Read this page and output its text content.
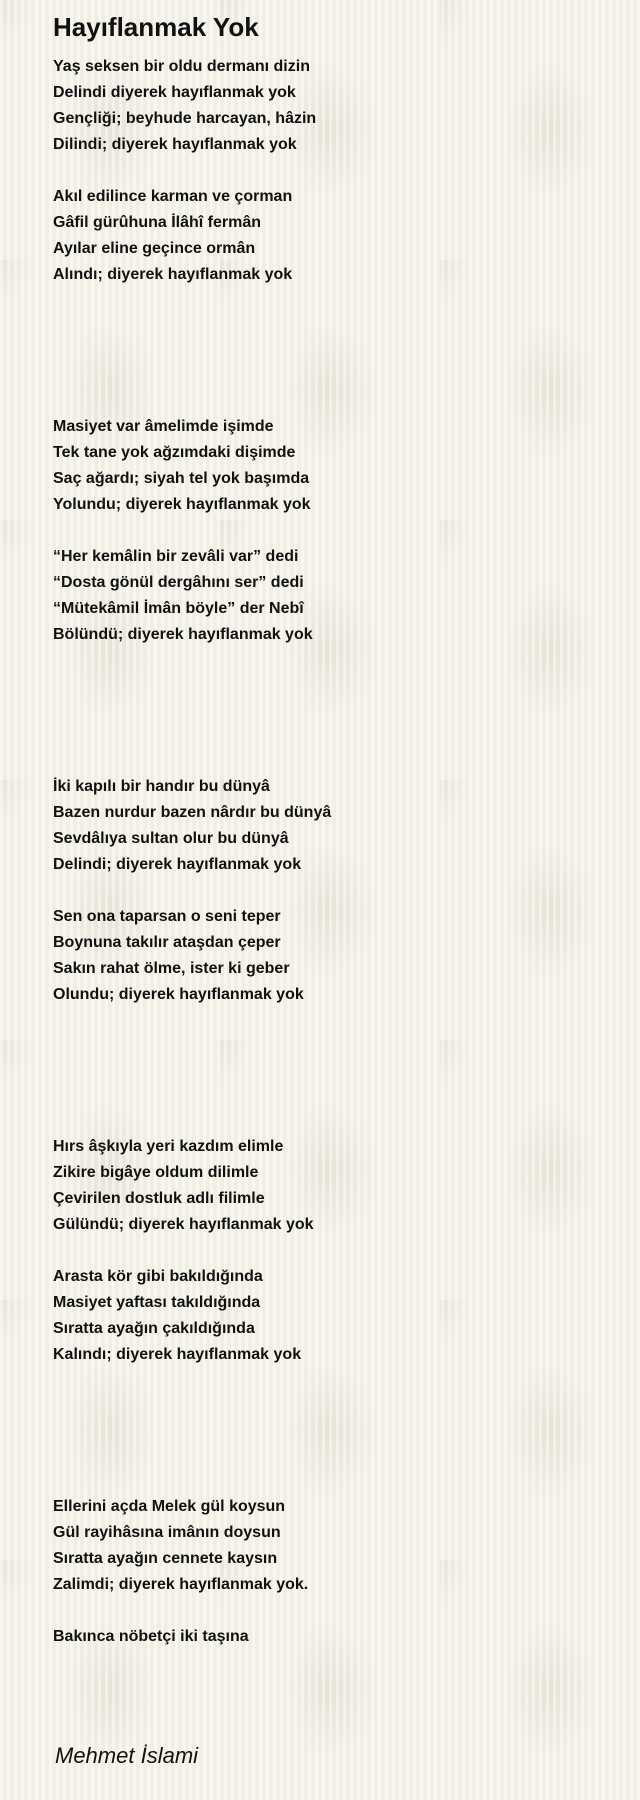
Hayıflanmak Yok
Yaş seksen bir oldu dermanı dizin
Delindi diyerek hayıflanmak yok
Gençliği; beyhude harcayan, hâzin
Dilindi; diyerek hayıflanmak yok
Akıl edilince karman ve çorman
Gâfil gürûhuna İlâhî fermân
Ayılar eline geçince ormân
Alındı; diyerek hayıflanmak yok
Masiyet var âmelimde işimde
Tek tane yok ağzımdaki dişimde
Saç ağardı; siyah tel yok başımda
Yolundu; diyerek hayıflanmak yok
“Her kemâlin bir zevâli var” dedi
“Dosta gönül dergâhını ser” dedi
“Mütekâmil İmân böyle” der Nebî
Bölündü; diyerek hayıflanmak yok
İki kapılı bir handır bu dünyâ
Bazen nurdur bazen nârdır bu dünyâ
Sevdâlıya sultan olur bu dünyâ
Delindi; diyerek hayıflanmak yok
Sen ona taparsan o seni teper
Boynuna takılır ataşdan çeper
Sakın rahat ölme, ister ki geber
Olundu; diyerek hayıflanmak yok
Hırs âşkıyla yeri kazdım elimle
Zikire bigâye oldum dilimle
Çevirilen dostluk adlı filimle
Gülündü; diyerek hayıflanmak yok
Arasta kör gibi bakıldığında
Masiyet yaftası takıldığında
Sıratta ayağın çakıldığında
Kalındı; diyerek hayıflanmak yok
Ellerini açda Melek gül koysun
Gül rayihâsına imânın doysun
Sıratta ayağın cennete kaysın
Zalimdi; diyerek hayıflanmak yok.
Bakınca nöbetçi iki taşına
Mehmet İslami
